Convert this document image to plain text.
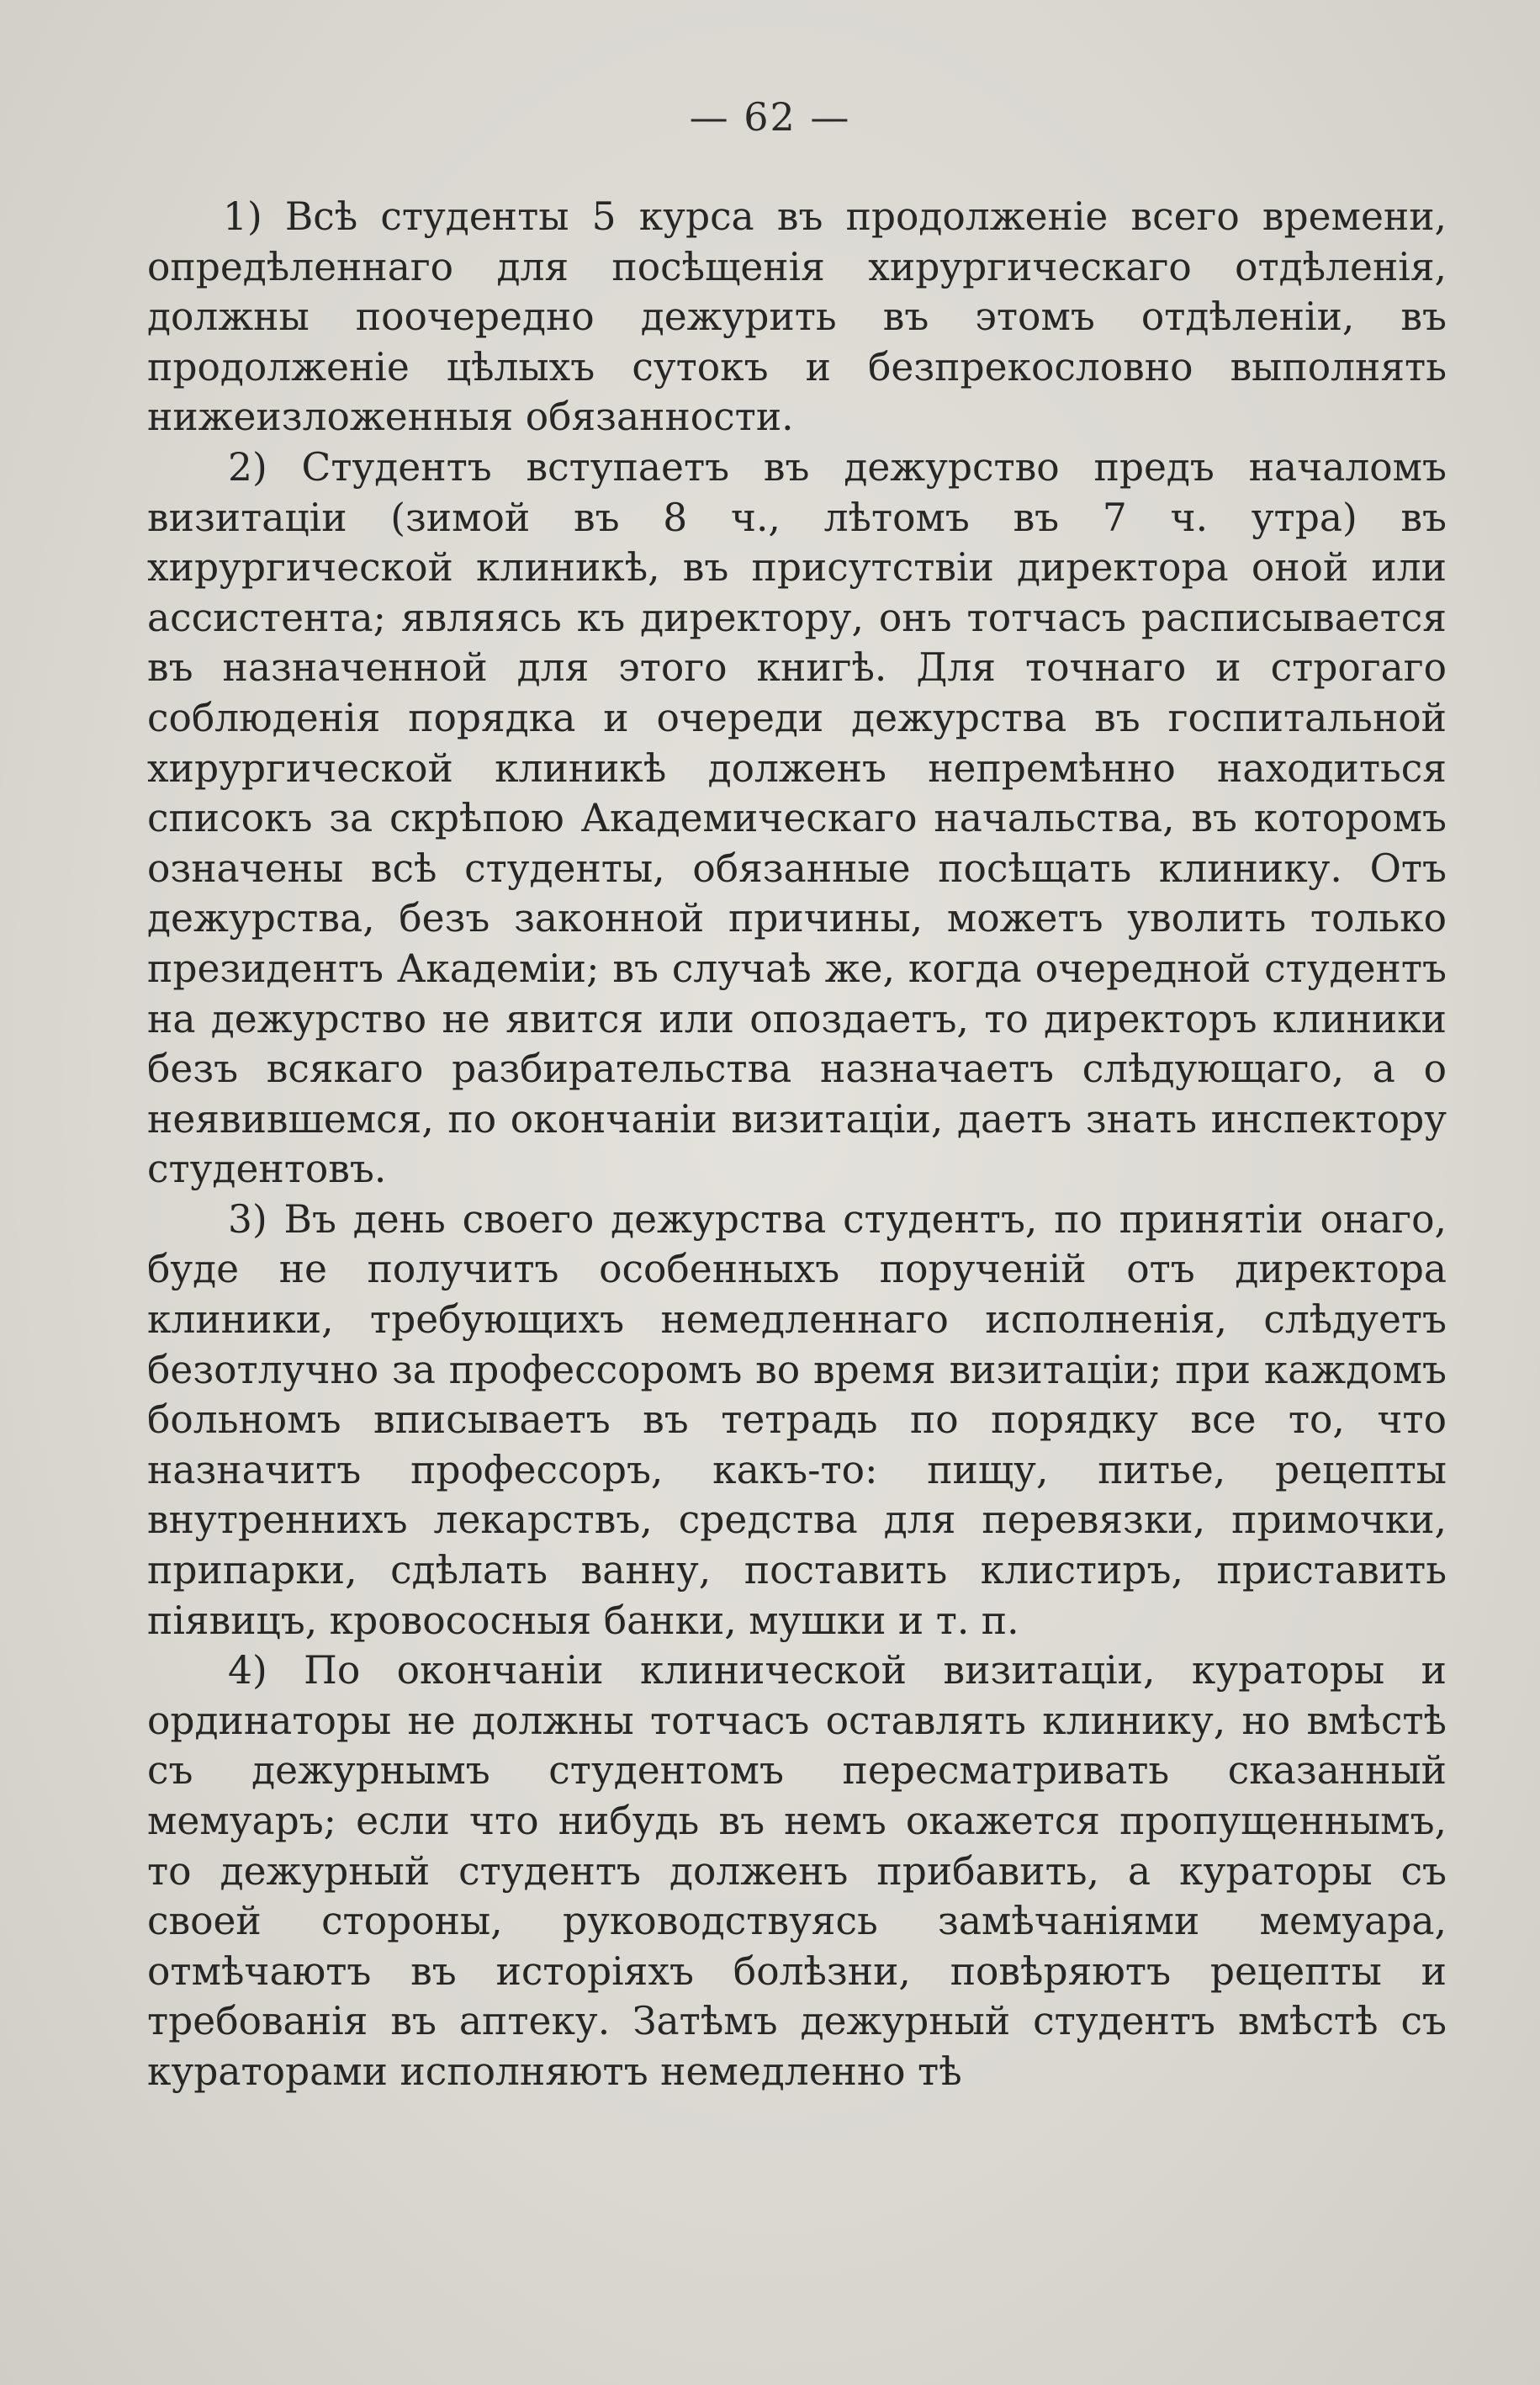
— 62 —

1) Всѣ студенты 5 курса въ продолженіе всего времени, опредѣленнаго для посѣщенія хирургическаго отдѣленія, должны поочередно дежурить въ этомъ отдѣленіи, въ продолженіе цѣлыхъ сутокъ и безпрекословно выполнять нижеизложенныя обязанности.

2) Студентъ вступаетъ въ дежурство предъ началомъ визитаціи (зимой въ 8 ч., лѣтомъ въ 7 ч. утра) въ хирургической клиникѣ, въ присутствіи директора оной или ассистента; являясь къ директору, онъ тотчасъ расписывается въ назначенной для этого книгѣ. Для точнаго и строгаго соблюденія порядка и очереди дежурства въ госпитальной хирургической клиникѣ долженъ непремѣнно находиться списокъ за скрѣпою Академическаго начальства, въ которомъ означены всѣ студенты, обязанные посѣщать клинику. Отъ дежурства, безъ законной причины, можетъ уволить только президентъ Академіи; въ случаѣ же, когда очередной студентъ на дежурство не явится или опоздаетъ, то директоръ клиники безъ всякаго разбирательства назначаетъ слѣдующаго, а о неявившемся, по окончаніи визитаціи, даетъ знать инспектору студентовъ.

3) Въ день своего дежурства студентъ, по принятіи онаго, буде не получитъ особенныхъ порученій отъ директора клиники, требующихъ немедленнаго исполненія, слѣдуетъ безотлучно за профессоромъ во время визитаціи; при каждомъ больномъ вписываетъ въ тетрадь по порядку все то, что назначитъ профессоръ, какъ-то: пищу, питье, рецепты внутреннихъ лекарствъ, средства для перевязки, примочки, припарки, сдѣлать ванну, поставить клистиръ, приставить піявицъ, кровососныя банки, мушки и т. п.

4) По окончаніи клинической визитаціи, кураторы и ординаторы не должны тотчасъ оставлять клинику, но вмѣстѣ съ дежурнымъ студентомъ пересматривать сказанный мемуаръ; если что нибудь въ немъ окажется пропущеннымъ, то дежурный студентъ долженъ прибавить, а кураторы съ своей стороны, руководствуясь замѣчаніями мемуара, отмѣчаютъ въ исторіяхъ болѣзни, повѣряютъ рецепты и требованія въ аптеку. Затѣмъ дежурный студентъ вмѣстѣ съ кураторами исполняютъ немедленно тѣ
